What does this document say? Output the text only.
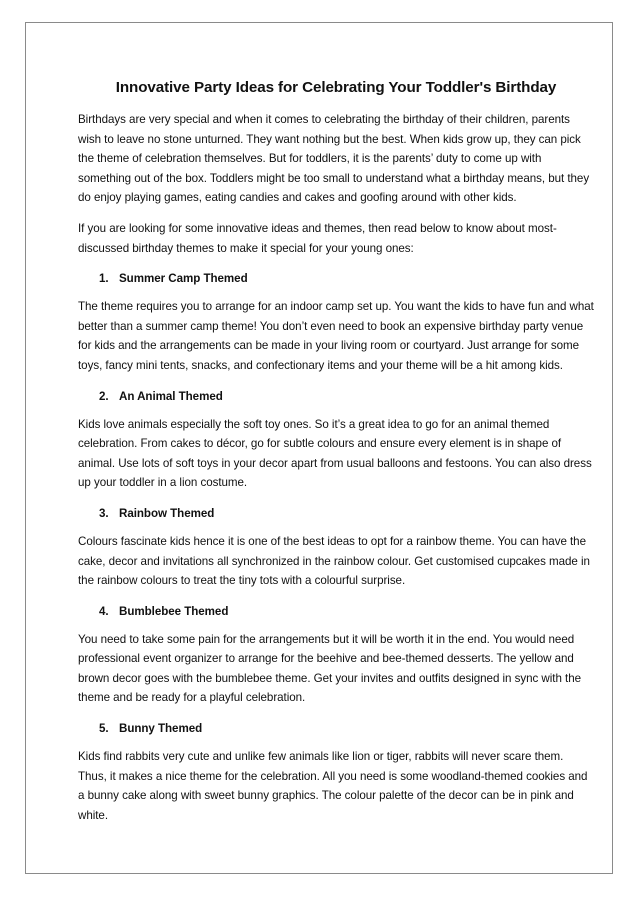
Innovative Party Ideas for Celebrating Your Toddler's Birthday

Birthdays are very special and when it comes to celebrating the birthday of their children, parents wish to leave no stone unturned. They want nothing but the best. When kids grow up, they can pick the theme of celebration themselves. But for toddlers, it is the parents’ duty to come up with something out of the box. Toddlers might be too small to understand what a birthday means, but they do enjoy playing games, eating candies and cakes and goofing around with other kids.

If you are looking for some innovative ideas and themes, then read below to know about most-discussed birthday themes to make it special for your young ones:

1. Summer Camp Themed

The theme requires you to arrange for an indoor camp set up. You want the kids to have fun and what better than a summer camp theme! You don’t even need to book an expensive birthday party venue for kids and the arrangements can be made in your living room or courtyard. Just arrange for some toys, fancy mini tents, snacks, and confectionary items and your theme will be a hit among kids.

2. An Animal Themed

Kids love animals especially the soft toy ones. So it’s a great idea to go for an animal themed celebration. From cakes to décor, go for subtle colours and ensure every element is in shape of animal. Use lots of soft toys in your decor apart from usual balloons and festoons. You can also dress up your toddler in a lion costume.

3. Rainbow Themed

Colours fascinate kids hence it is one of the best ideas to opt for a rainbow theme. You can have the cake, decor and invitations all synchronized in the rainbow colour. Get customised cupcakes made in the rainbow colours to treat the tiny tots with a colourful surprise.

4. Bumblebee Themed

You need to take some pain for the arrangements but it will be worth it in the end. You would need professional event organizer to arrange for the beehive and bee-themed desserts. The yellow and brown decor goes with the bumblebee theme. Get your invites and outfits designed in sync with the theme and be ready for a playful celebration.

5. Bunny Themed

Kids find rabbits very cute and unlike few animals like lion or tiger, rabbits will never scare them. Thus, it makes a nice theme for the celebration. All you need is some woodland-themed cookies and a bunny cake along with sweet bunny graphics. The colour palette of the decor can be in pink and white.
